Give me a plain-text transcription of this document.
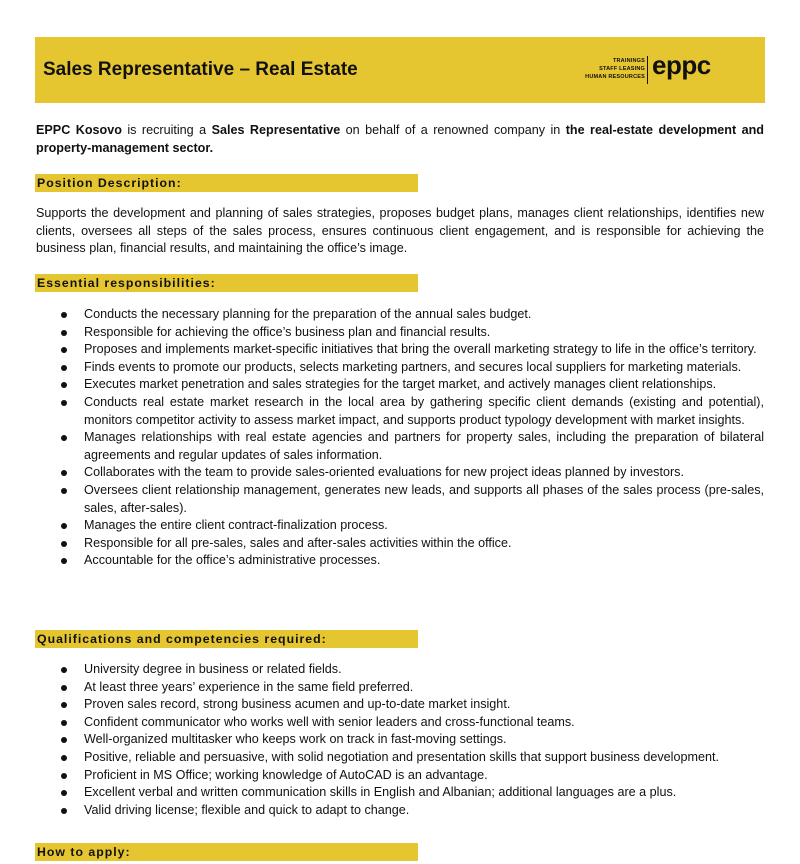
Sales Representative – Real Estate	TRAININGS
STAFF LEASING
HUMAN RESOURCES eppc
EPPC Kosovo is recruiting a Sales Representative on behalf of a renowned company in the real-estate development and property-management sector.
Position Description:
Supports the development and planning of sales strategies, proposes budget plans, manages client relationships, identifies new clients, oversees all steps of the sales process, ensures continuous client engagement, and is responsible for achieving the business plan, financial results, and maintaining the office’s image.
Essential responsibilities:
Conducts the necessary planning for the preparation of the annual sales budget.
Responsible for achieving the office’s business plan and financial results.
Proposes and implements market-specific initiatives that bring the overall marketing strategy to life in the office’s territory.
Finds events to promote our products, selects marketing partners, and secures local suppliers for marketing materials.
Executes market penetration and sales strategies for the target market, and actively manages client relationships.
Conducts real estate market research in the local area by gathering specific client demands (existing and potential), monitors competitor activity to assess market impact, and supports product typology development with market insights.
Manages relationships with real estate agencies and partners for property sales, including the preparation of bilateral agreements and regular updates of sales information.
Collaborates with the team to provide sales-oriented evaluations for new project ideas planned by investors.
Oversees client relationship management, generates new leads, and supports all phases of the sales process (pre-sales, sales, after-sales).
Manages the entire client contract-finalization process.
Responsible for all pre-sales, sales and after-sales activities within the office.
Accountable for the office’s administrative processes.
Qualifications and competencies required:
University degree in business or related fields.
At least three years’ experience in the same field preferred.
Proven sales record, strong business acumen and up-to-date market insight.
Confident communicator who works well with senior leaders and cross-functional teams.
Well-organized multitasker who keeps work on track in fast-moving settings.
Positive, reliable and persuasive, with solid negotiation and presentation skills that support business development.
Proficient in MS Office; working knowledge of AutoCAD is an advantage.
Excellent verbal and written communication skills in English and Albanian; additional languages are a plus.
Valid driving license; flexible and quick to adapt to change.
How to apply:
